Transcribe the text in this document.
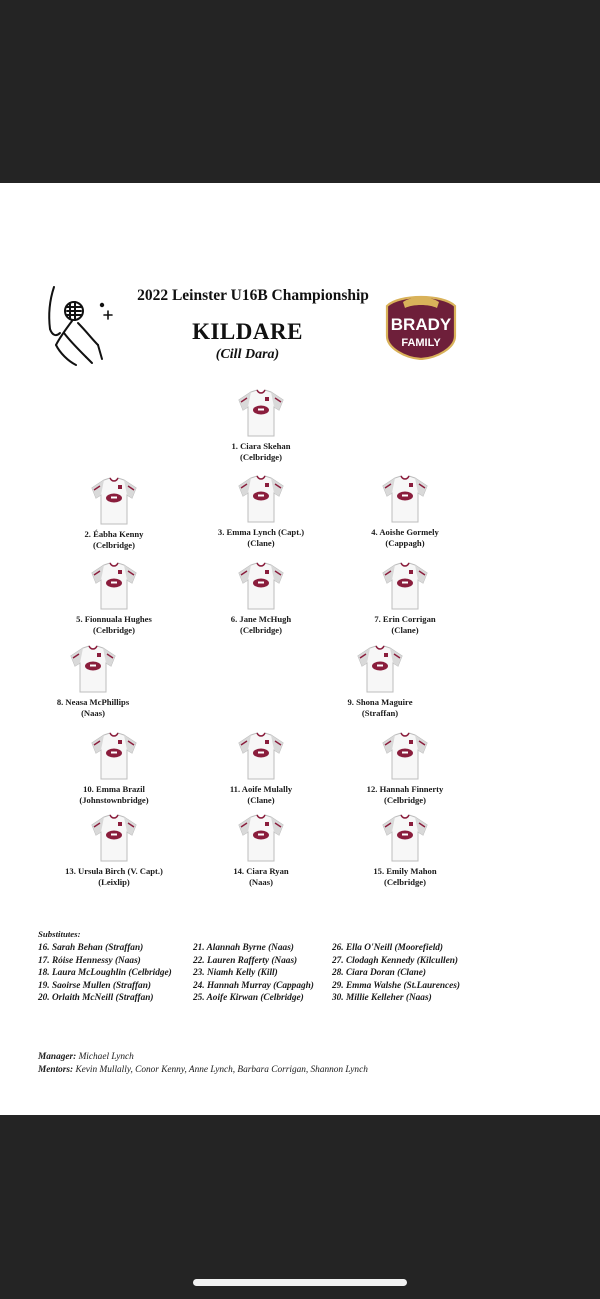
2022 Leinster U16B Championship
KILDARE
(Cill Dara)
BRADY
FAMILY
1. Ciara Skehan
(Celbridge)
2. Éabha Kenny
(Celbridge)
3. Emma Lynch (Capt.)
(Clane)
4. Aoishe Gormely
(Cappagh)
5. Fionnuala Hughes
(Celbridge)
6. Jane McHugh
(Celbridge)
7. Erin Corrigan
(Clane)
8. Neasa McPhillips
(Naas)
9. Shona Maguire
(Straffan)
10. Emma Brazil
(Johnstownbridge)
11. Aoife Mulally
(Clane)
12. Hannah Finnerty
(Celbridge)
13. Ursula Birch (V. Capt.)
(Leixlip)
14. Ciara Ryan
(Naas)
15. Emily Mahon
(Celbridge)
Substitutes:
16. Sarah Behan (Straffan)
17. Róise Hennessy (Naas)
18. Laura McLoughlin (Celbridge)
19. Saoirse Mullen (Straffan)
20. Orlaith McNeill (Straffan)
21. Alannah Byrne (Naas)
22. Lauren Rafferty (Naas)
23. Niamh Kelly (Kill)
24. Hannah Murray (Cappagh)
25. Aoife Kirwan (Celbridge)
26. Ella O'Neill (Moorefield)
27. Clodagh Kennedy (Kilcullen)
28. Ciara Doran (Clane)
29. Emma Walshe (St.Laurences)
30. Millie Kelleher (Naas)
Manager: Michael Lynch
Mentors: Kevin Mullally, Conor Kenny, Anne Lynch, Barbara Corrigan, Shannon Lynch
